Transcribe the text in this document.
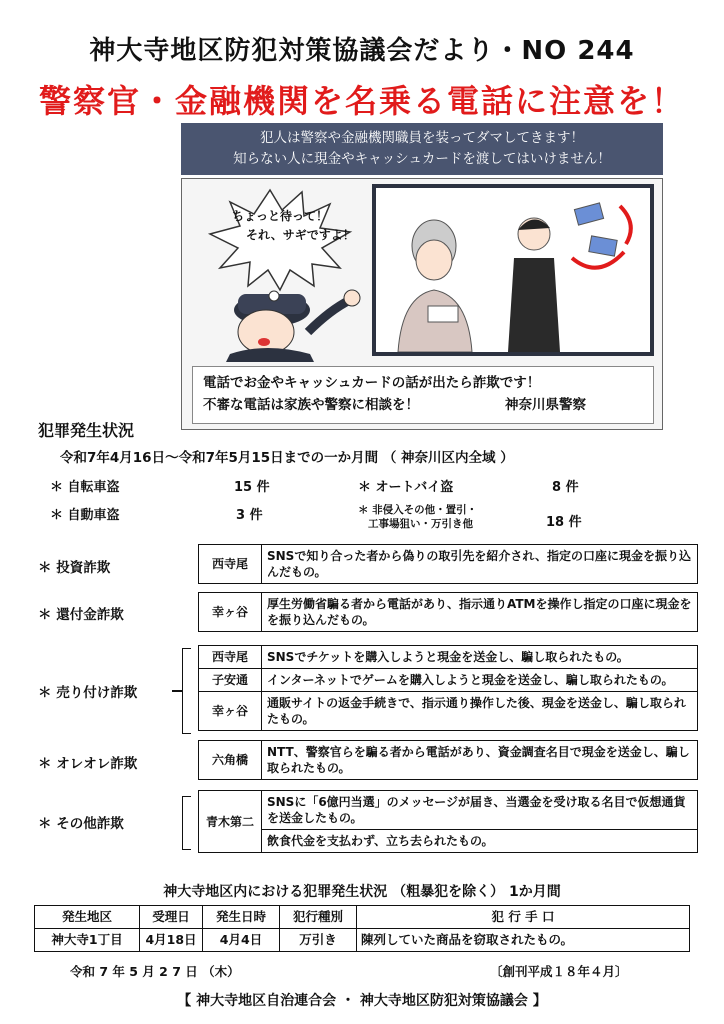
神大寺地区防犯対策協議会だより・NO 244
警察官・金融機関を名乗る電話に注意を！
犯人は警察や金融機関職員を装ってダマしてきます！
知らない人に現金やキャッシュカードを渡してはいけません！
ちょっと待って！
それ、サギですよ！
電話でお金やキャッシュカードの話が出たら詐欺です！
不審な電話は家族や警察に相談を！	神奈川県警察
犯罪発生状況
令和7年4月16日～令和7年5月15日までの一か月間 （ 神奈川区内全域 ）
＊ 自転車盗	15 件	＊ オートバイ盗	8 件
＊ 自動車盗	3 件	＊ 非侵入その他・置引・
工事場狙い・万引き他	18 件
＊ 投資詐欺	西寺尾	SNSで知り合った者から偽りの取引先を紹介され、指定の口座に現金を振り込んだもの。
＊ 還付金詐欺	幸ヶ谷	厚生労働省騙る者から電話があり、指示通りATMを操作し指定の口座に現金をを振り込んだもの。
＊ 売り付け詐欺
西寺尾	SNSでチケットを購入しようと現金を送金し、騙し取られたもの。
子安通	インターネットでゲームを購入しようと現金を送金し、騙し取られたもの。
幸ヶ谷	通販サイトの返金手続きで、指示通り操作した後、現金を送金し、騙し取られたもの。
＊ オレオレ詐欺	六角橋	NTT、警察官らを騙る者から電話があり、資金調査名目で現金を送金し、騙し取られたもの。
＊ その他詐欺	青木第二	SNSに「6億円当選」のメッセージが届き、当選金を受け取る名目で仮想通貨を送金したもの。
飲食代金を支払わず、立ち去られたもの。
神大寺地区内における犯罪発生状況 （粗暴犯を除く） 1か月間
発生地区	受理日	発生日時	犯行種別	犯 行 手 口
神大寺1丁目	4月18日	4月4日	万引き	陳列していた商品を窃取されたもの。
令和 7 年 5 月 2 7 日 （木）	〔創刊平成１８年４月〕
【 神大寺地区自治連合会 ・ 神大寺地区防犯対策協議会 】
